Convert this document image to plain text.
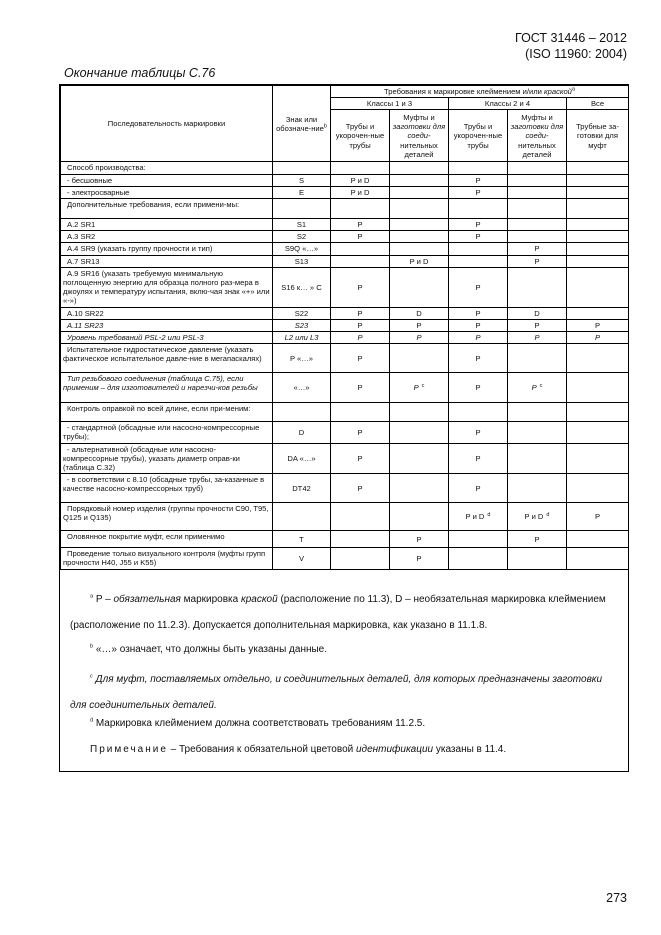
ГОСТ 31446 – 2012
(ISO 11960: 2004)
Окончание таблицы С.76
Последовательность маркировки	Знак или обозначе-ние$^b$	Требования к маркировке клеймением и/или краской$^a$
		Классы 1 и 3		Классы 2 и 4		Все
		Трубы и укорочен-ные трубы	Муфты и заготовки для соеди- нительных деталей	Трубы и укорочен-ные трубы	Муфты и заготовки для соеди- нительных деталей	Трубные за-готовки для муфт
Способ производства:						
- бесшовные	S	P и D		P		
- электросварные	E	P и D		P		
Дополнительные требования, если примени-мы:						
А.2 SR1	S1	P		P		
А.3 SR2	S2	P		P		
A.4 SR9 (указать группу прочности и тип)	S9Q «…»				P	
A.7 SR13	S13		P и D		P	
A.9 SR16 (указать требуемую минимальную поглощенную энергию для образца полного раз-мера в джоулях и температуру испытания, вклю-чая знак «+» или «-»)	S16 к… » С	P		P		
A.10 SR22	S22	P	D	P	D	
A.11 SR23	S23	P	P	P	P	P
Уровень требований PSL-2 или PSL-3	L2 или L3	P	P	P	P	P
Испытательное гидростатическое давление (указать фактическое испытательное давле-ние в мегапаскалях)	P «…»	P		P		
Тип резьбового соединения (таблица С.75), если применим – для изготовителей и нарезчи-ков резьбы	«…»	P	P $^c$	P	P $^c$	
Контроль оправкой по всей длине, если при-меним:						
- стандартной (обсадные или насосно-компрессорные трубы);	D	P		P		
- альтернативной (обсадные или насосно-компрессорные трубы), указать диаметр оправ-ки (таблица С.32)	DA «…»	P		P		
- в соответствии с 8.10 (обсадные трубы, за-казанные в качестве насосно-компрессорных труб)	DT42	P		P		
Порядковый номер изделия (группы прочности C90, T95, Q125 и Q135)				P и D $^d$	P и D $^d$	P
Оловянное покрытие муфт, если применимо	T		P		P	
Проведение только визуального контроля (муфты групп прочности H40, J55 и K55)	V		P			

$^a$ P – обязательная маркировка краской (расположение по 11.3), D – необязательная маркировка клеймением (расположение по 11.2.3). Допускается дополнительная маркировка, как указано в 11.1.8.

$^b$ «…» означает, что должны быть указаны данные.

$^c$ Для муфт, поставляемых отдельно, и соединительных деталей, для которых предназначены заготовки для соединительных деталей.

$^d$ Маркировка клеймением должна соответствовать требованиям 11.2.5.

Примечание – Требования к обязательной цветовой идентификации указаны в 11.4.

273
